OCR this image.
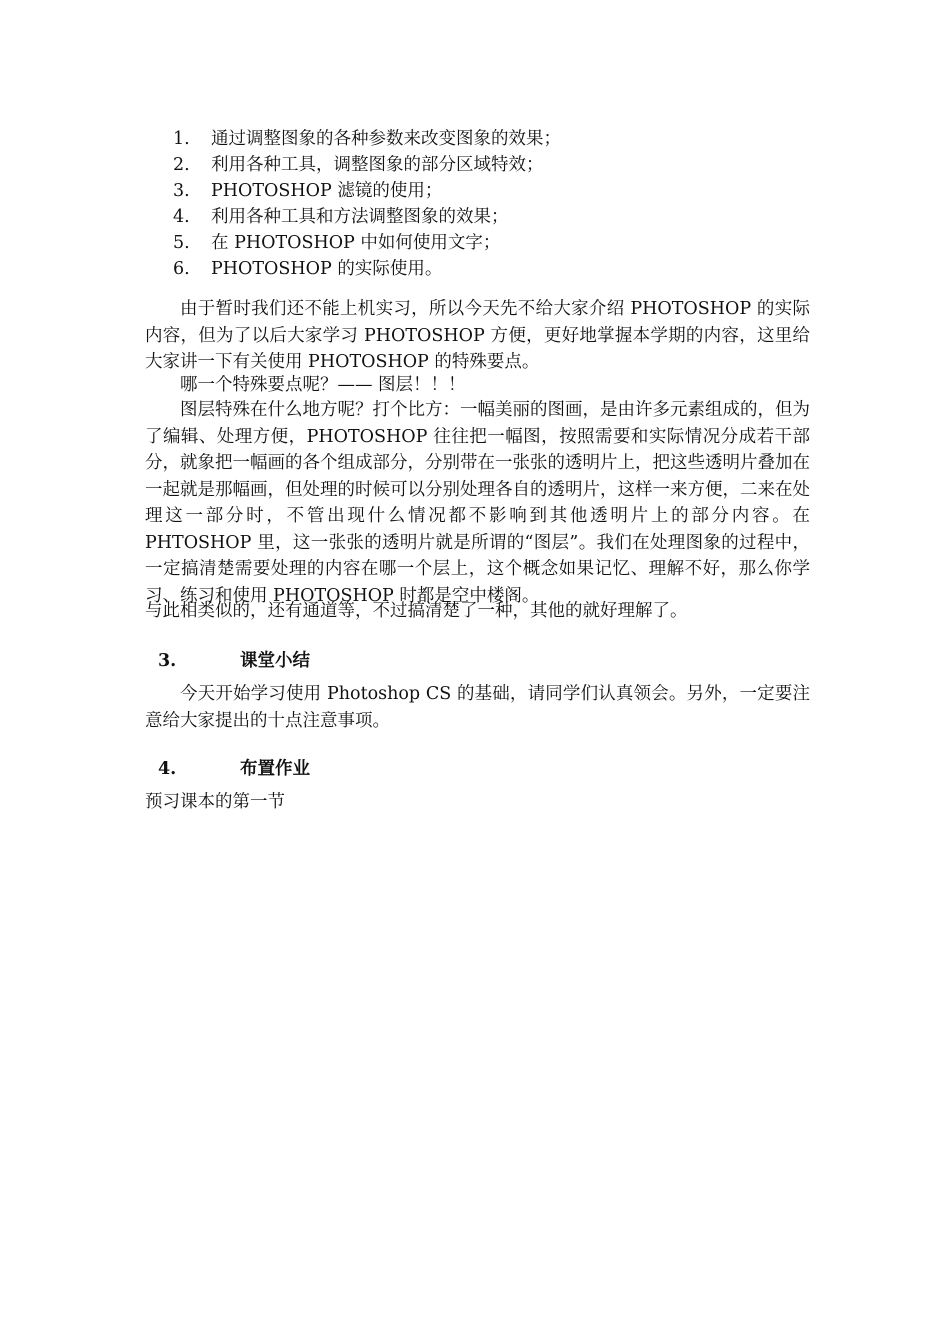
1. 通过调整图象的各种参数来改变图象的效果；
2. 利用各种工具，调整图象的部分区域特效；
3. PHOTOSHOP 滤镜的使用；
4. 利用各种工具和方法调整图象的效果；
5. 在 PHOTOSHOP 中如何使用文字；
6. PHOTOSHOP 的实际使用。

由于暂时我们还不能上机实习，所以今天先不给大家介绍 PHOTOSHOP 的实际内容，但为了以后大家学习 PHOTOSHOP 方便，更好地掌握本学期的内容，这里给大家讲一下有关使用 PHOTOSHOP 的特殊要点。

哪一个特殊要点呢？—— 图层！！！

图层特殊在什么地方呢？打个比方：一幅美丽的图画，是由许多元素组成的，但为了编辑、处理方便，PHOTOSHOP 往往把一幅图，按照需要和实际情况分成若干部分，就象把一幅画的各个组成部分，分别带在一张张的透明片上，把这些透明片叠加在一起就是那幅画，但处理的时候可以分别处理各自的透明片，这样一来方便，二来在处理这一部分时，不管出现什么情况都不影响到其他透明片上的部分内容。在 PHTOSHOP 里，这一张张的透明片就是所谓的“图层”。我们在处理图象的过程中，一定搞清楚需要处理的内容在哪一个层上，这个概念如果记忆、理解不好，那么你学习、练习和使用 PHOTOSHOP 时都是空中楼阁。

与此相类似的，还有通道等，不过搞清楚了一种，其他的就好理解了。

3.	课堂小结

今天开始学习使用 Photoshop CS 的基础，请同学们认真领会。另外，一定要注意给大家提出的十点注意事项。

4.	布置作业

预习课本的第一节
